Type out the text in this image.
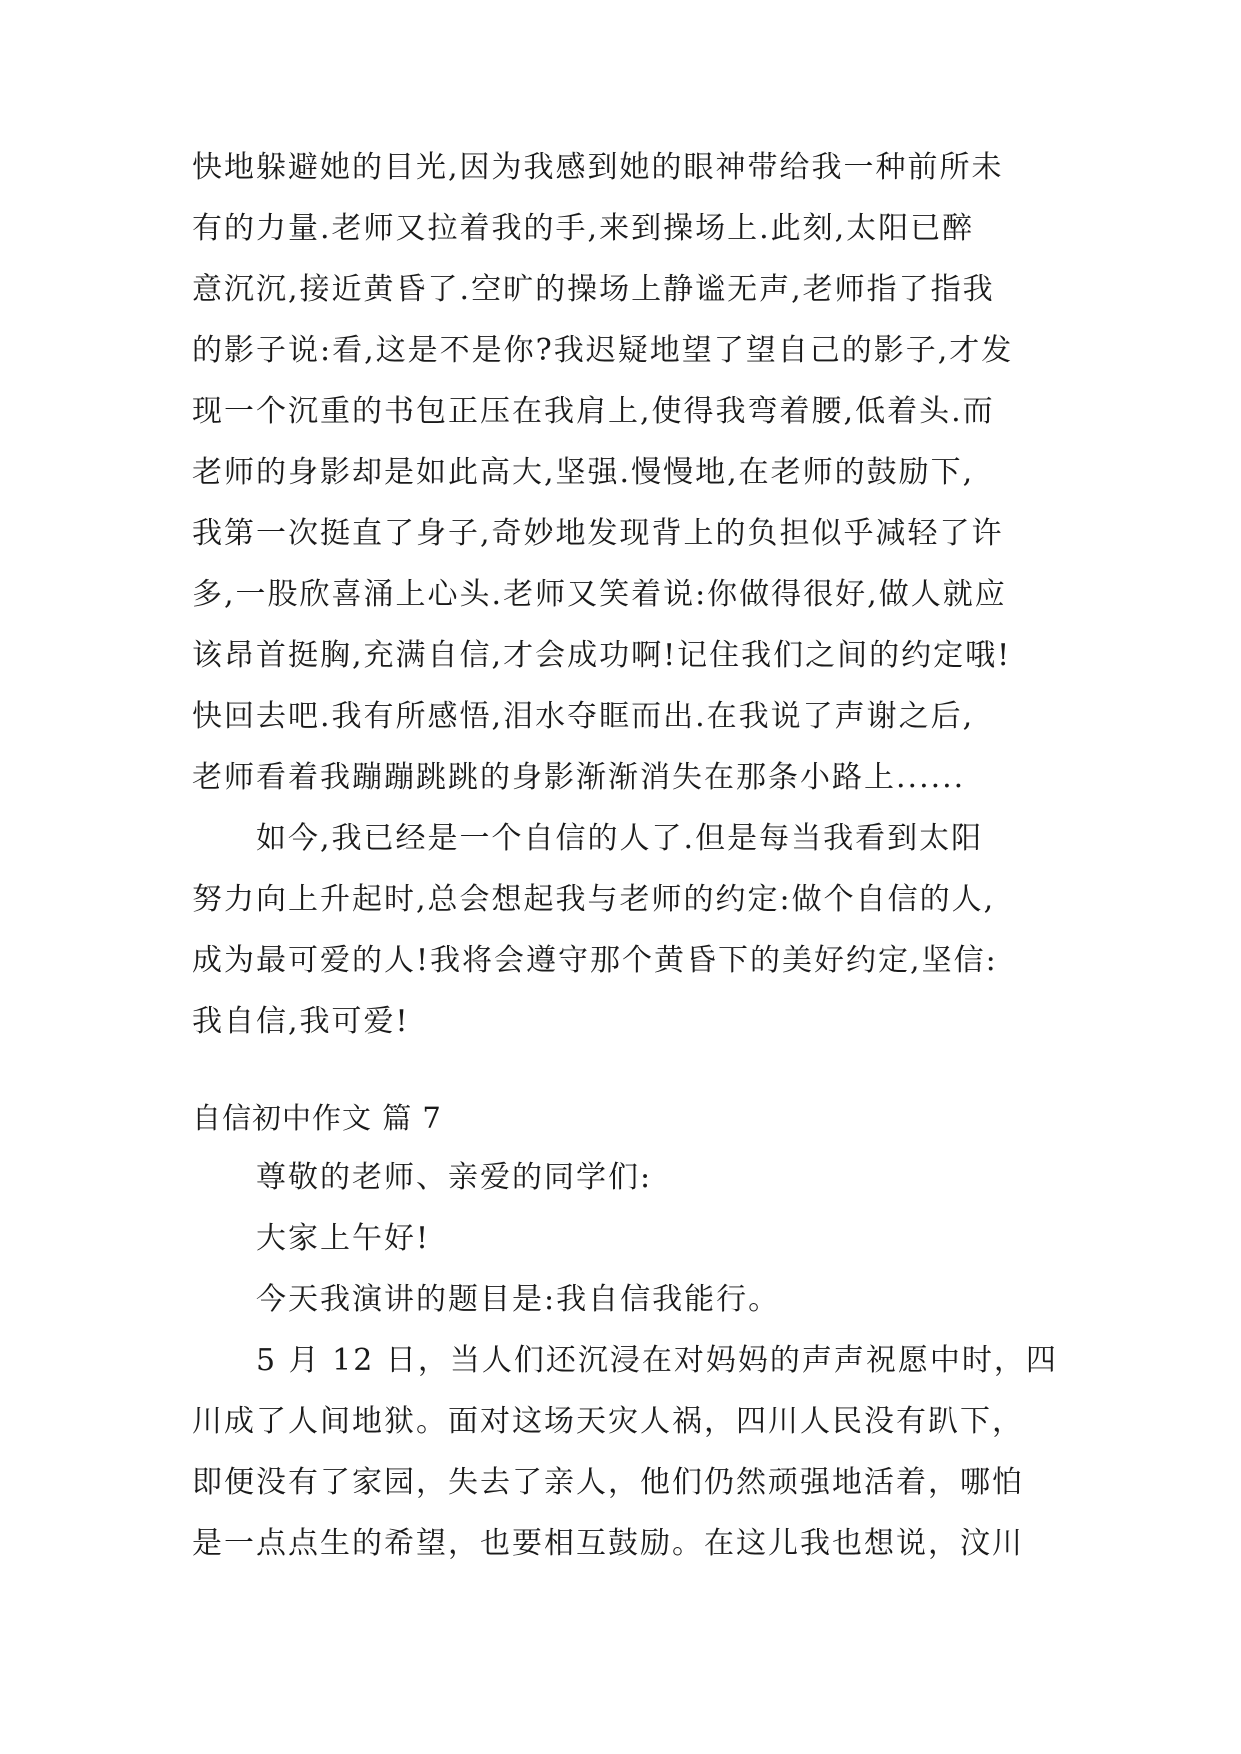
快地躲避她的目光,因为我感到她的眼神带给我一种前所未
有的力量.老师又拉着我的手,来到操场上.此刻,太阳已醉
意沉沉,接近黄昏了.空旷的操场上静谧无声,老师指了指我
的影子说:看,这是不是你?我迟疑地望了望自己的影子,才发
现一个沉重的书包正压在我肩上,使得我弯着腰,低着头.而
老师的身影却是如此高大,坚强.慢慢地,在老师的鼓励下,
我第一次挺直了身子,奇妙地发现背上的负担似乎减轻了许
多,一股欣喜涌上心头.老师又笑着说:你做得很好,做人就应
该昂首挺胸,充满自信,才会成功啊!记住我们之间的约定哦!
快回去吧.我有所感悟,泪水夺眶而出.在我说了声谢之后,
老师看着我蹦蹦跳跳的身影渐渐消失在那条小路上......
如今,我已经是一个自信的人了.但是每当我看到太阳
努力向上升起时,总会想起我与老师的约定:做个自信的人,
成为最可爱的人!我将会遵守那个黄昏下的美好约定,坚信:
我自信,我可爱!
自信初中作文 篇 7
尊敬的老师、亲爱的同学们:
大家上午好!
今天我演讲的题目是:我自信我能行。
5 月 12 日，当人们还沉浸在对妈妈的声声祝愿中时，四
川成了人间地狱。面对这场天灾人祸，四川人民没有趴下，
即便没有了家园，失去了亲人，他们仍然顽强地活着，哪怕
是一点点生的希望，也要相互鼓励。在这儿我也想说，汶川
